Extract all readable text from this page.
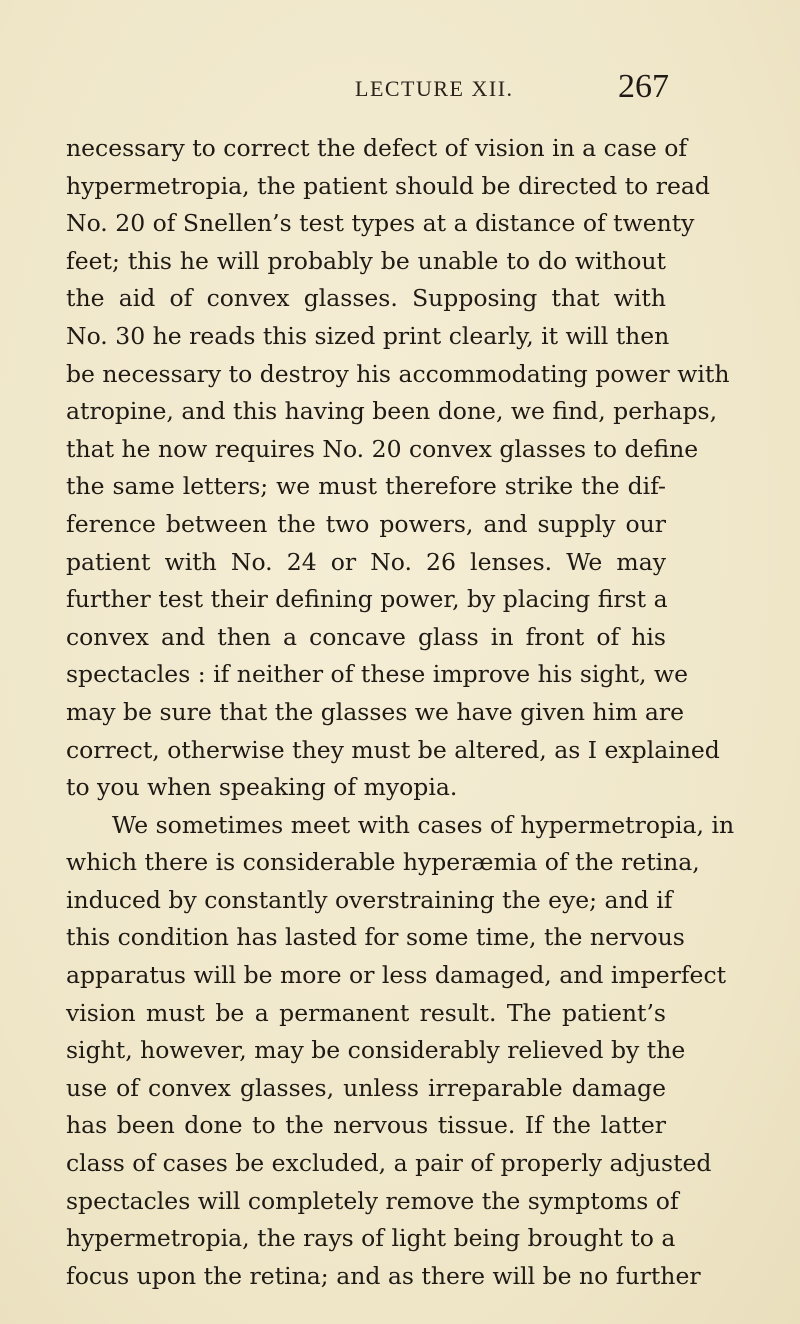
LECTURE XII.	267
necessary to correct the defect of vision in a case of
hypermetropia, the patient should be directed to read
No. 20 of Snellen’s test types at a distance of twenty
feet; this he will probably be unable to do without
the aid of convex glasses. Supposing that with
No. 30 he reads this sized print clearly, it will then
be necessary to destroy his accommodating power with
atropine, and this having been done, we find, perhaps,
that he now requires No. 20 convex glasses to define
the same letters; we must therefore strike the dif-
ference between the two powers, and supply our
patient with No. 24 or No. 26 lenses. We may
further test their defining power, by placing first a
convex and then a concave glass in front of his
spectacles : if neither of these improve his sight, we
may be sure that the glasses we have given him are
correct, otherwise they must be altered, as I explained
to you when speaking of myopia.
We sometimes meet with cases of hypermetropia, in
which there is considerable hyperæmia of the retina,
induced by constantly overstraining the eye; and if
this condition has lasted for some time, the nervous
apparatus will be more or less damaged, and imperfect
vision must be a permanent result. The patient’s
sight, however, may be considerably relieved by the
use of convex glasses, unless irreparable damage
has been done to the nervous tissue. If the latter
class of cases be excluded, a pair of properly adjusted
spectacles will completely remove the symptoms of
hypermetropia, the rays of light being brought to a
focus upon the retina; and as there will be no further
